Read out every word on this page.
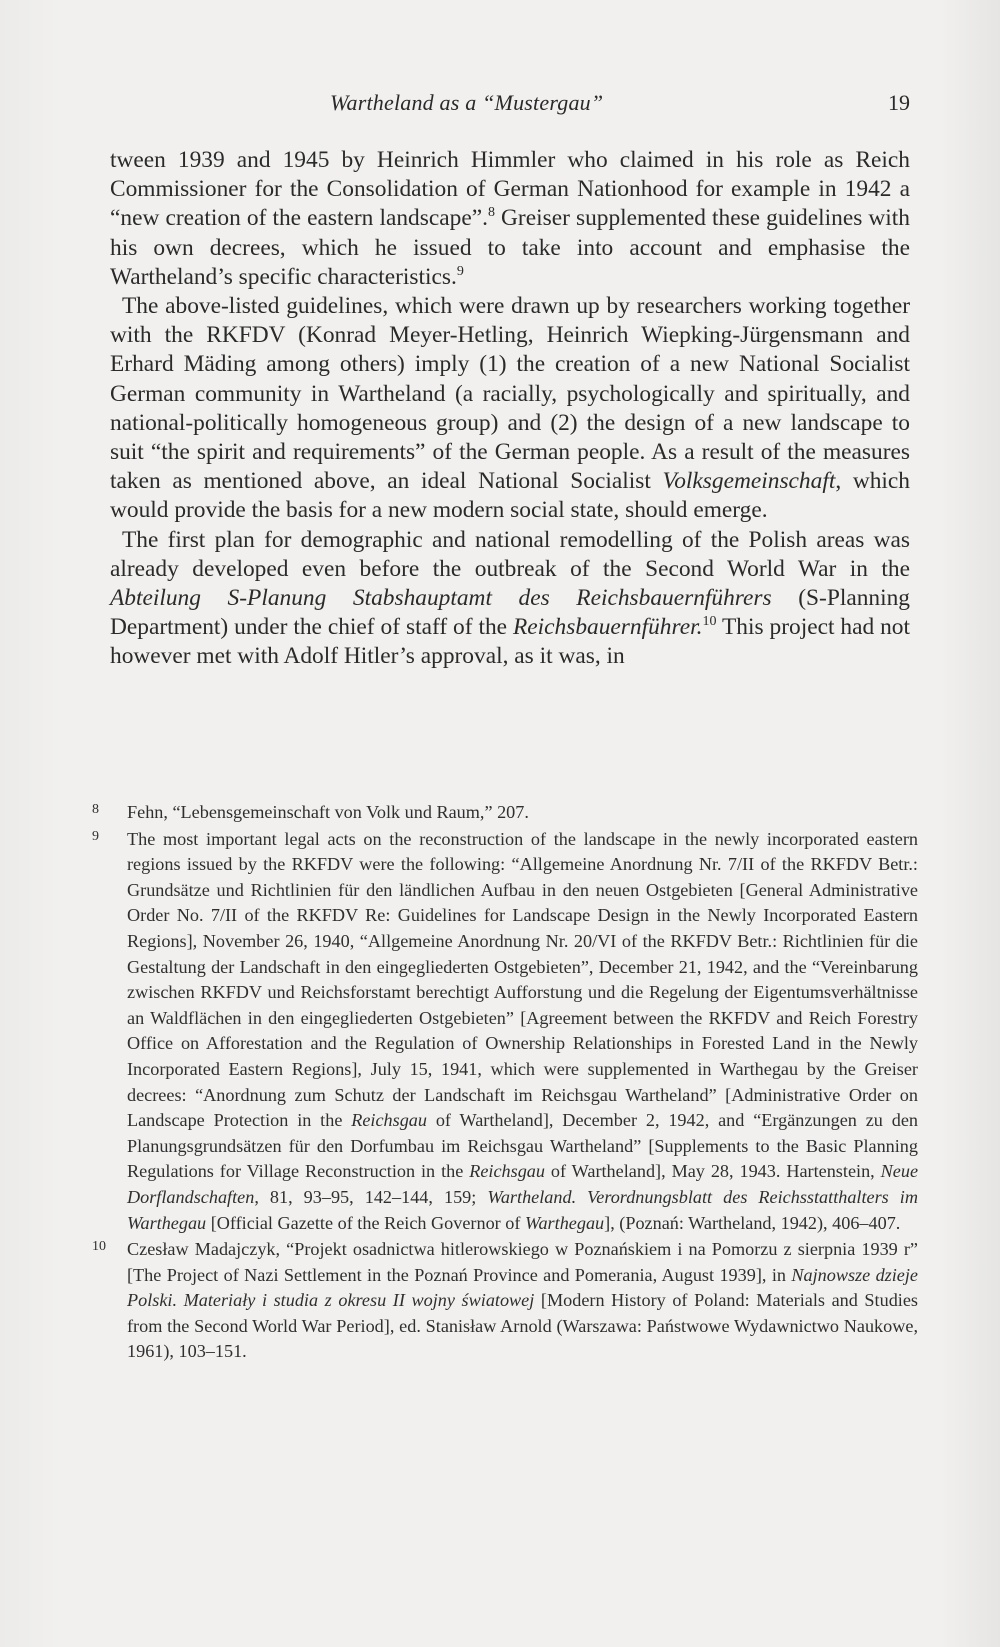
Wartheland as a “Mustergau”	19

tween 1939 and 1945 by Heinrich Himmler who claimed in his role as Reich Commissioner for the Consolidation of German Nationhood for example in 1942 a “new creation of the eastern landscape”.$^8$ Greiser supplemented these guidelines with his own decrees, which he issued to take into account and emphasise the Wartheland’s specific characteristics.$^9$

The above-listed guidelines, which were drawn up by researchers working together with the RKFDV (Konrad Meyer-Hetling, Heinrich Wiepking-Jürgensmann and Erhard Mäding among others) imply (1) the creation of a new National Socialist German community in Wartheland (a racially, psychologically and spiritually, and national-politically homogeneous group) and (2) the design of a new landscape to suit “the spirit and requirements” of the German people. As a result of the measures taken as mentioned above, an ideal National Socialist Volksgemeinschaft, which would provide the basis for a new modern social state, should emerge.

The first plan for demographic and national remodelling of the Polish areas was already developed even before the outbreak of the Second World War in the Abteilung S-Planung Stabshauptamt des Reichsbauernführers (S-Planning Department) under the chief of staff of the Reichsbauernführer.$^{10}$ This project had not however met with Adolf Hitler’s approval, as it was, in

8	Fehn, “Lebensgemeinschaft von Volk und Raum,” 207.
9	The most important legal acts on the reconstruction of the landscape in the newly incorporated eastern regions issued by the RKFDV were the following: “Allgemeine Anordnung Nr. 7/II of the RKFDV Betr.: Grundsätze und Richtlinien für den ländlichen Aufbau in den neuen Ostgebieten [General Administrative Order No. 7/II of the RKFDV Re: Guidelines for Landscape Design in the Newly Incorporated Eastern Regions], November 26, 1940, “Allgemeine Anordnung Nr. 20/VI of the RKFDV Betr.: Richtlinien für die Gestaltung der Landschaft in den eingegliederten Ostgebieten”, December 21, 1942, and the “Vereinbarung zwischen RKFDV und Reichsforstamt berechtigt Aufforstung und die Regelung der Eigentumsverhältnisse an Waldflächen in den eingegliederten Ostgebieten” [Agreement between the RKFDV and Reich Forestry Office on Afforestation and the Regulation of Ownership Relationships in Forested Land in the Newly Incorporated Eastern Regions], July 15, 1941, which were supplemented in Warthegau by the Greiser decrees: “Anordnung zum Schutz der Landschaft im Reichsgau Wartheland” [Administrative Order on Landscape Protection in the Reichsgau of Wartheland], December 2, 1942, and “Ergänzungen zu den Planungsgrundsätzen für den Dorfumbau im Reichsgau Wartheland” [Supplements to the Basic Planning Regulations for Village Reconstruction in the Reichsgau of Wartheland], May 28, 1943. Hartenstein, Neue Dorflandschaften, 81, 93–95, 142–144, 159; Wartheland. Verordnungsblatt des Reichsstatthalters im Warthegau [Official Gazette of the Reich Governor of Warthegau], (Poznań: Wartheland, 1942), 406–407.
10	Czesław Madajczyk, “Projekt osadnictwa hitlerowskiego w Poznańskiem i na Pomorzu z sierpnia 1939 r” [The Project of Nazi Settlement in the Poznań Province and Pomerania, August 1939], in Najnowsze dzieje Polski. Materiały i studia z okresu II wojny światowej [Modern History of Poland: Materials and Studies from the Second World War Period], ed. Stanisław Arnold (Warszawa: Państwowe Wydawnictwo Naukowe, 1961), 103–151.
